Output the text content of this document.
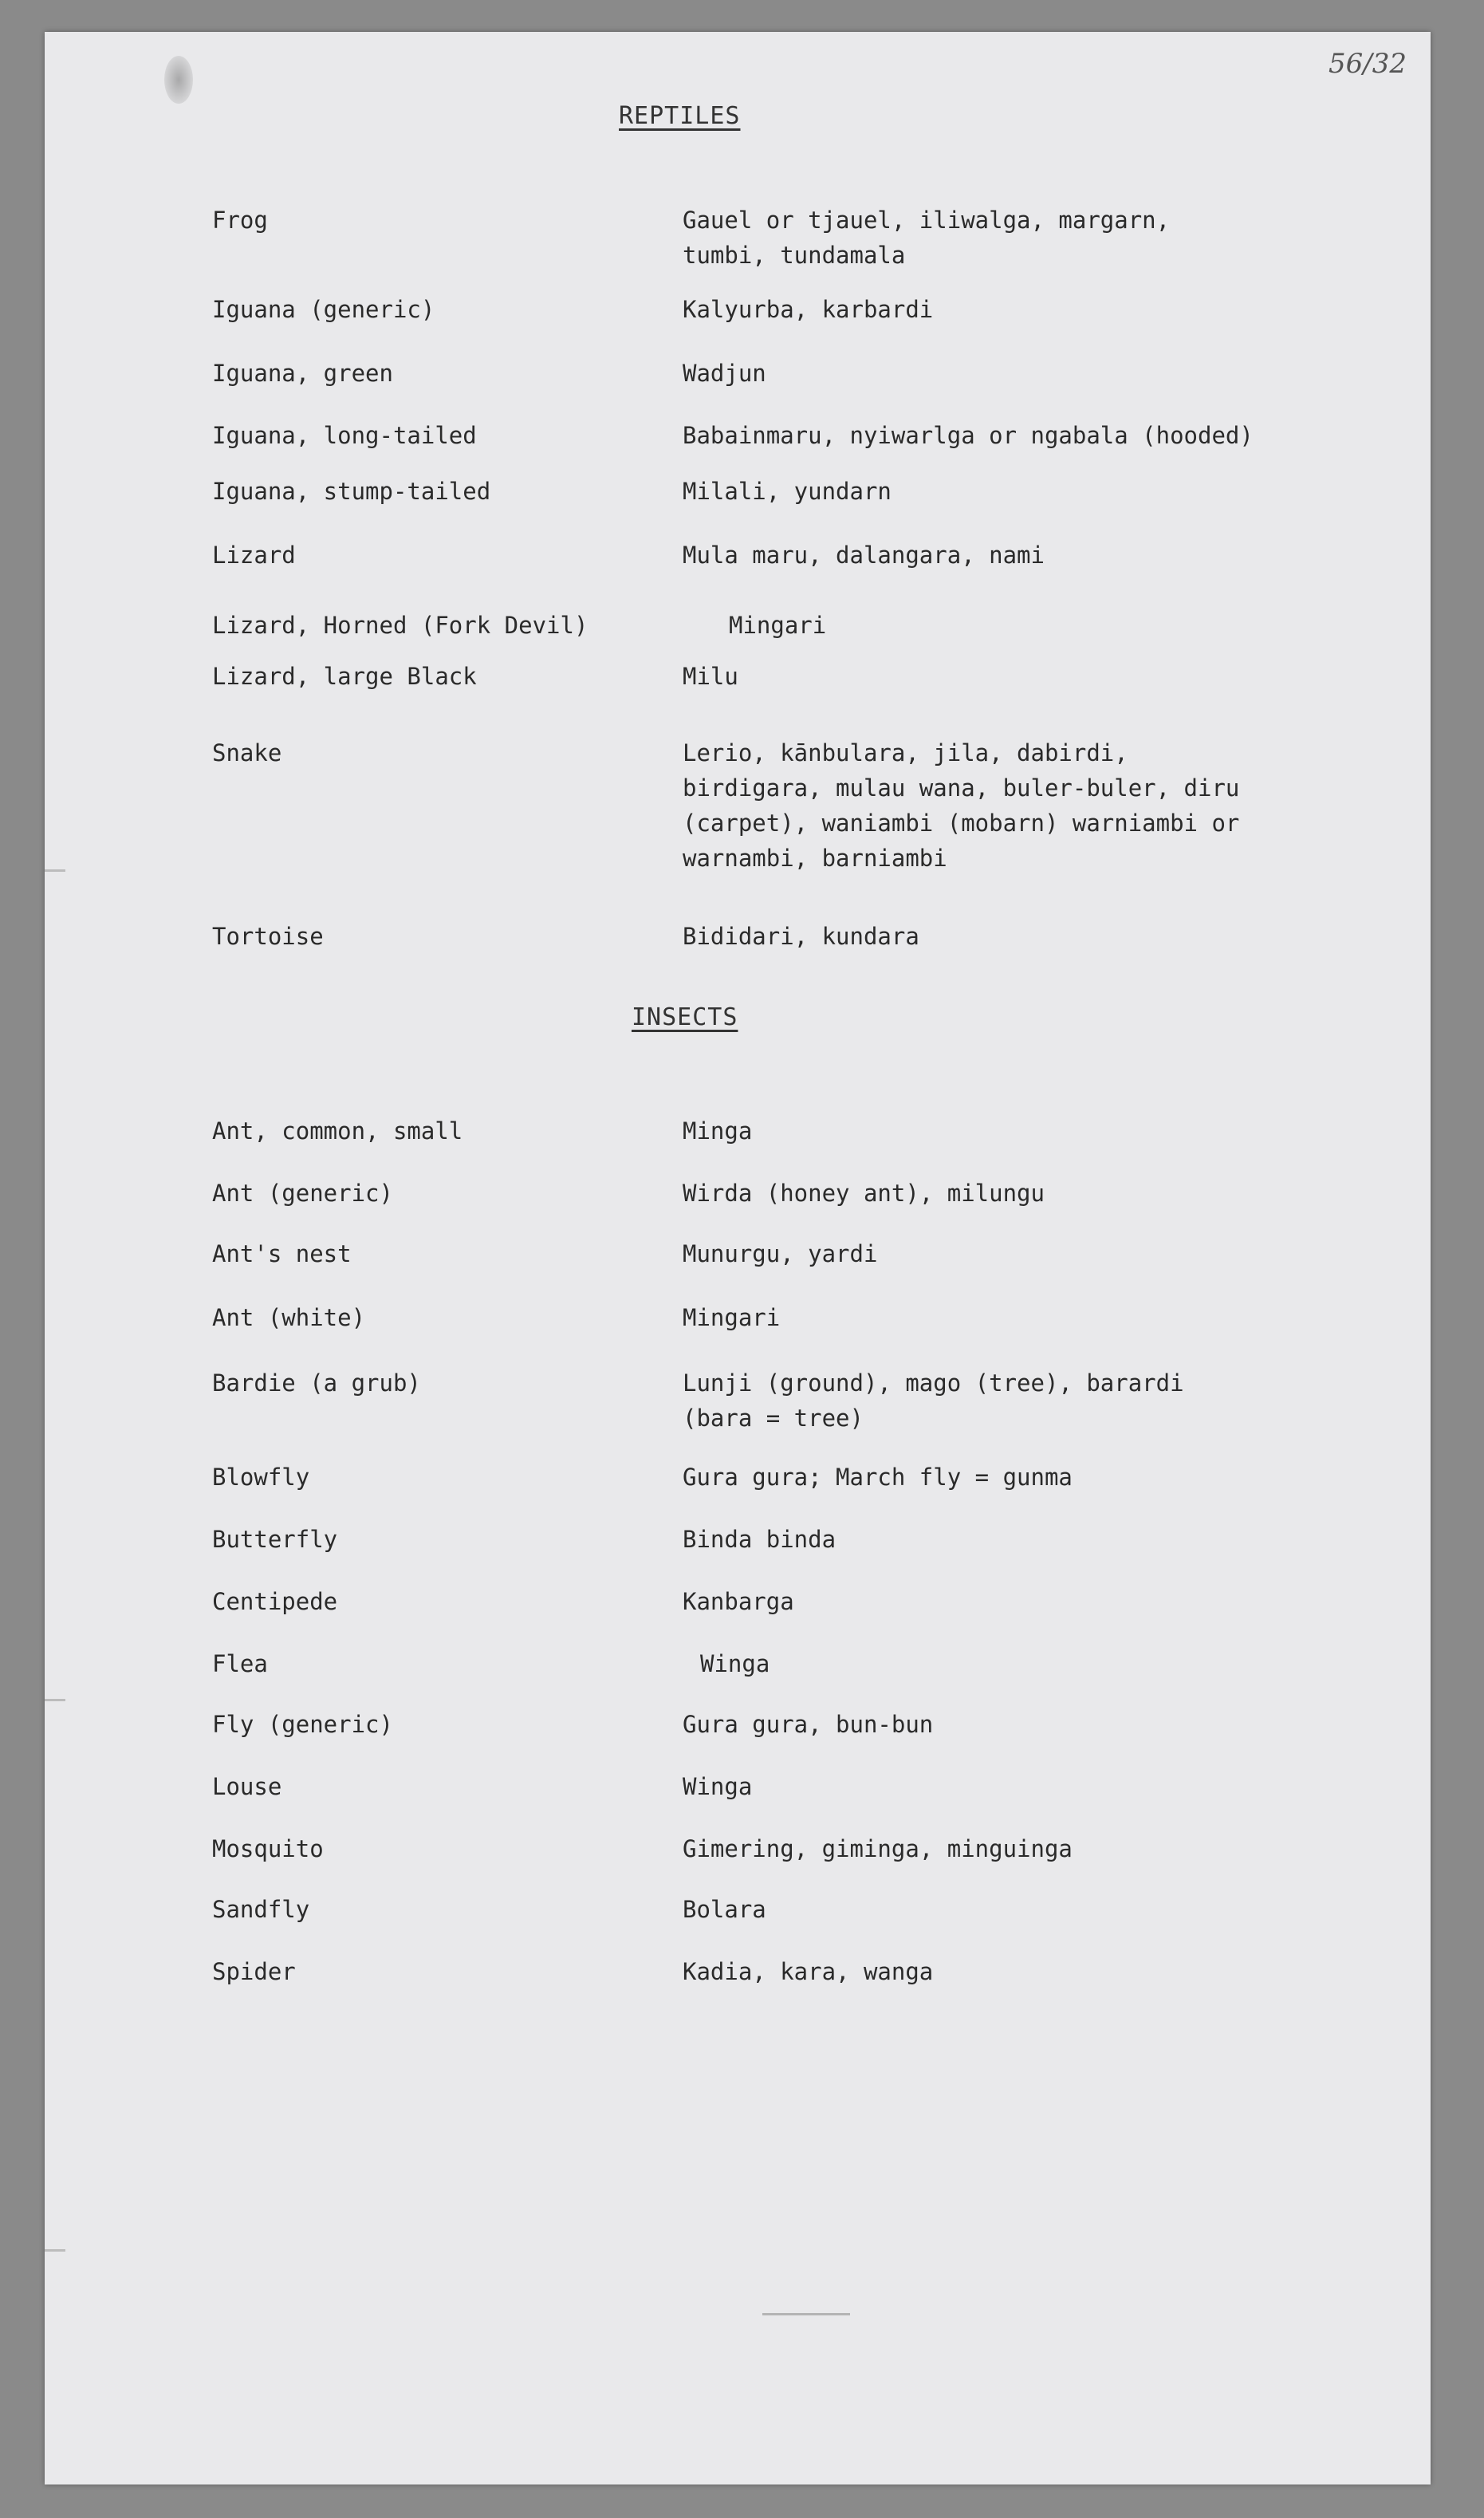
56/32
REPTILES
Frog	Gauel or tjauel, iliwalga, margarn,
tumbi, tundamala
Iguana (generic)	Kalyurba, karbardi
Iguana, green	Wadjun
Iguana, long-tailed	Babainmaru, nyiwarlga or ngabala (hooded)
Iguana, stump-tailed	Milali, yundarn
Lizard	Mula maru, dalangara, nami
Lizard, Horned (Fork Devil)	Mingari
Lizard, large Black	Milu
Snake	Lerio, kānbulara, jila, dabirdi,
birdigara, mulau wana, buler-buler, diru
(carpet), waniambi (mobarn) warniambi or
warnambi, barniambi
Tortoise	Bididari, kundara
INSECTS
Ant, common, small	Minga
Ant (generic)	Wirda (honey ant), milungu
Ant's nest	Munurgu, yardi
Ant (white)	Mingari
Bardie (a grub)	Lunji (ground), mago (tree), barardi
(bara = tree)
Blowfly	Gura gura; March fly = gunma
Butterfly	Binda binda
Centipede	Kanbarga
Flea	Winga
Fly (generic)	Gura gura, bun-bun
Louse	Winga
Mosquito	Gimering, giminga, minguinga
Sandfly	Bolara
Spider	Kadia, kara, wanga
